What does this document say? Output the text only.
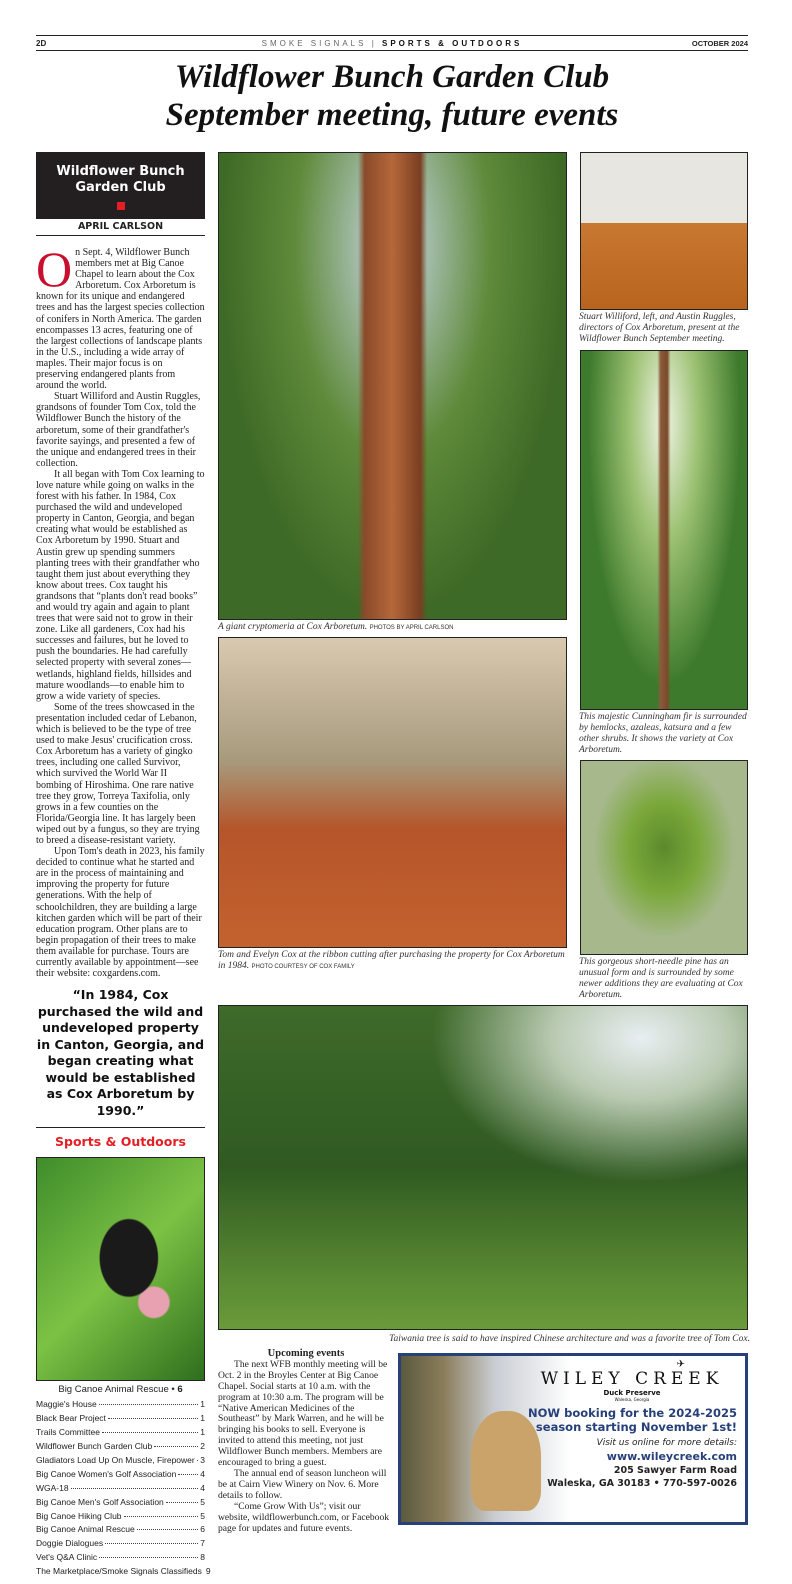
2D	SMOKE SIGNALS | SPORTS & OUTDOORS	OCTOBER 2024
Wildflower Bunch Garden Club
September meeting, future events
Wildflower Bunch
Garden Club
APRIL CARLSON

On Sept. 4, Wildflower Bunch members met at Big Canoe Chapel to learn about the Cox Arboretum. Cox Arboretum is known for its unique and endangered trees and has the largest species collection of conifers in North America. The garden encompasses 13 acres, featuring one of the largest collections of landscape plants in the U.S., including a wide array of maples. Their major focus is on preserving endangered plants from around the world.

Stuart Williford and Austin Ruggles, grandsons of founder Tom Cox, told the Wildflower Bunch the history of the arboretum, some of their grandfather's favorite sayings, and presented a few of the unique and endangered trees in their collection.

It all began with Tom Cox learning to love nature while going on walks in the forest with his father. In 1984, Cox purchased the wild and undeveloped property in Canton, Georgia, and began creating what would be established as Cox Arboretum by 1990. Stuart and Austin grew up spending summers planting trees with their grandfather who taught them just about everything they know about trees. Cox taught his grandsons that “plants don't read books” and would try again and again to plant trees that were said not to grow in their zone. Like all gardeners, Cox had his successes and failures, but he loved to push the boundaries. He had carefully selected property with several zones—wetlands, highland fields, hillsides and mature woodlands—to enable him to grow a wide variety of species.

Some of the trees showcased in the presentation included cedar of Lebanon, which is believed to be the type of tree used to make Jesus' crucification cross. Cox Arboretum has a variety of gingko trees, including one called Survivor, which survived the World War II bombing of Hiroshima. One rare native tree they grow, Torreya Taxifolia, only grows in a few counties on the Florida/Georgia line. It has largely been wiped out by a fungus, so they are trying to breed a disease-resistant variety.

Upon Tom's death in 2023, his family decided to continue what he started and are in the process of maintaining and improving the property for future generations. With the help of schoolchildren, they are building a large kitchen garden which will be part of their education program. Other plans are to begin propagation of their trees to make them available for purchase. Tours are currently available by appointment—see their website: coxgardens.com.

“In 1984, Cox purchased the wild and undeveloped property in Canton, Georgia, and began creating what would be established as Cox Arboretum by 1990.”
Sports & Outdoors
Big Canoe Animal Rescue • 6
Maggie's House	1
Black Bear Project	1
Trails Committee	1
Wildflower Bunch Garden Club	2
Gladiators Load Up On Muscle, Firepower 3
Big Canoe Women's Golf Association	4
WGA-18	4
Big Canoe Men's Golf Association	5
Big Canoe Hiking Club	5
Big Canoe Animal Rescue	6
Doggie Dialogues	7
Vet's Q&A Clinic	8
The Marketplace/Smoke Signals Classifieds 9
A giant cryptomeria at Cox Arboretum. PHOTOS BY APRIL CARLSON
Stuart Williford, left, and Austin Ruggles, directors of Cox Arboretum, present at the Wildflower Bunch September meeting.
This majestic Cunningham fir is surrounded by hemlocks, azaleas, katsura and a few other shrubs. It shows the variety at Cox Arboretum.
Tom and Evelyn Cox at the ribbon cutting after purchasing the property for Cox Arboretum in 1984. PHOTO COURTESY OF COX FAMILY	This gorgeous short-needle pine has an unusual form and is surrounded by some newer additions they are evaluating at Cox Arboretum.
Taiwania tree is said to have inspired Chinese architecture and was a favorite tree of Tom Cox.
Upcoming events

The next WFB monthly meeting will be Oct. 2 in the Broyles Center at Big Canoe Chapel. Social starts at 10 a.m. with the program at 10:30 a.m. The program will be “Native American Medicines of the Southeast” by Mark Warren, and he will be bringing his books to sell. Everyone is invited to attend this meeting, not just Wildflower Bunch members. Members are encouraged to bring a guest.

The annual end of season luncheon will be at Cairn View Winery on Nov. 6. More details to follow.

“Come Grow With Us”; visit our website, wildflowerbunch.com, or Facebook page for updates and future events.

✈
WILEY CREEK
Duck Preserve
Waleska, Georgia
NOW booking for the 2024-2025
season starting November 1st!
Visit us online for more details:
www.wileycreek.com
205 Sawyer Farm Road
Waleska, GA 30183 • 770-597-0026
